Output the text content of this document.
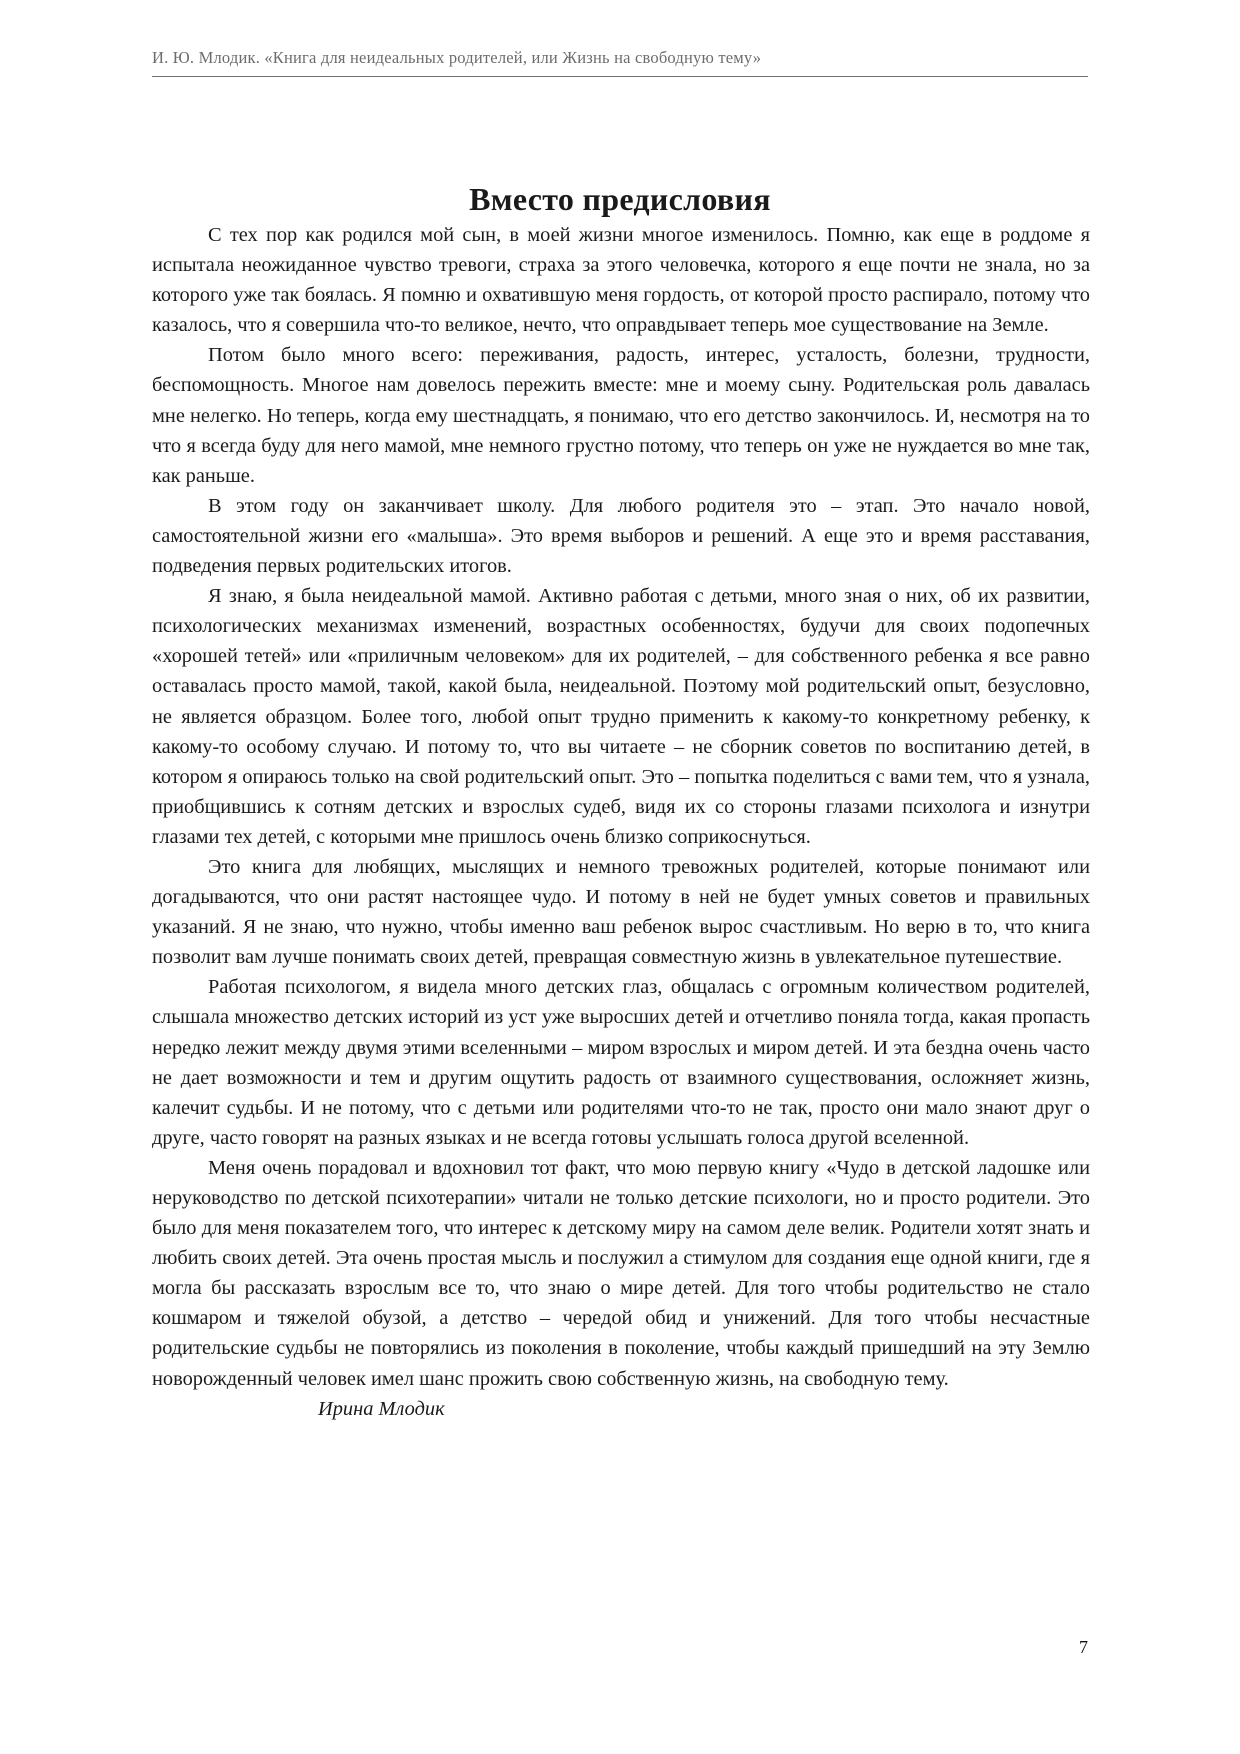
И. Ю. Млодик. «Книга для неидеальных родителей, или Жизнь на свободную тему»
Вместо предисловия

С тех пор как родился мой сын, в моей жизни многое изменилось. Помню, как еще в роддоме я испытала неожиданное чувство тревоги, страха за этого человечка, которого я еще почти не знала, но за которого уже так боялась. Я помню и охватившую меня гордость, от которой просто распирало, потому что казалось, что я совершила что-то великое, нечто, что оправдывает теперь мое существование на Земле.

Потом было много всего: переживания, радость, интерес, усталость, болезни, трудности, беспомощность. Многое нам довелось пережить вместе: мне и моему сыну. Родительская роль давалась мне нелегко. Но теперь, когда ему шестнадцать, я понимаю, что его детство закончилось. И, несмотря на то что я всегда буду для него мамой, мне немного грустно потому, что теперь он уже не нуждается во мне так, как раньше.

В этом году он заканчивает школу. Для любого родителя это – этап. Это начало новой, самостоятельной жизни его «малыша». Это время выборов и решений. А еще это и время расставания, подведения первых родительских итогов.

Я знаю, я была неидеальной мамой. Активно работая с детьми, много зная о них, об их развитии, психологических механизмах изменений, возрастных особенностях, будучи для своих подопечных «хорошей тетей» или «приличным человеком» для их родителей, – для собственного ребенка я все равно оставалась просто мамой, такой, какой была, неидеальной. Поэтому мой родительский опыт, безусловно, не является образцом. Более того, любой опыт трудно применить к какому-то конкретному ребенку, к какому-то особому случаю. И потому то, что вы читаете – не сборник советов по воспитанию детей, в котором я опираюсь только на свой родительский опыт. Это – попытка поделиться с вами тем, что я узнала, приобщившись к сотням детских и взрослых судеб, видя их со стороны глазами психолога и изнутри глазами тех детей, с которыми мне пришлось очень близко соприкоснуться.

Это книга для любящих, мыслящих и немного тревожных родителей, которые понимают или догадываются, что они растят настоящее чудо. И потому в ней не будет умных советов и правильных указаний. Я не знаю, что нужно, чтобы именно ваш ребенок вырос счастливым. Но верю в то, что книга позволит вам лучше понимать своих детей, превращая совместную жизнь в увлекательное путешествие.

Работая психологом, я видела много детских глаз, общалась с огромным количеством родителей, слышала множество детских историй из уст уже выросших детей и отчетливо поняла тогда, какая пропасть нередко лежит между двумя этими вселенными – миром взрослых и миром детей. И эта бездна очень часто не дает возможности и тем и другим ощутить радость от взаимного существования, осложняет жизнь, калечит судьбы. И не потому, что с детьми или родителями что-то не так, просто они мало знают друг о друге, часто говорят на разных языках и не всегда готовы услышать голоса другой вселенной.

Меня очень порадовал и вдохновил тот факт, что мою первую книгу «Чудо в детской ладошке или неруководство по детской психотерапии» читали не только детские психологи, но и просто родители. Это было для меня показателем того, что интерес к детскому миру на самом деле велик. Родители хотят знать и любить своих детей. Эта очень простая мысль и послужил а стимулом для создания еще одной книги, где я могла бы рассказать взрослым все то, что знаю о мире детей. Для того чтобы родительство не стало кошмаром и тяжелой обузой, а детство – чередой обид и унижений. Для того чтобы несчастные родительские судьбы не повторялись из поколения в поколение, чтобы каждый пришедший на эту Землю новорожденный человек имел шанс прожить свою собственную жизнь, на свободную тему.

Ирина Млодик

7
